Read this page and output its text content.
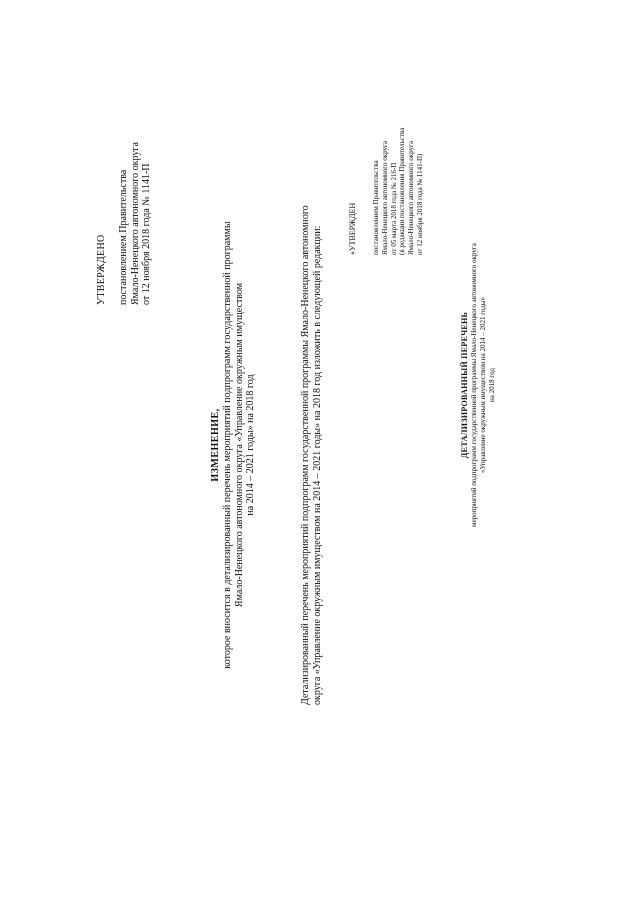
УТВЕРЖДЕНО постановлением Правительства Ямало-Ненецкого автономного округа от 12 ноября 2018 года № 1141-П
ИЗМЕНЕНИЕ, которое вносится в детализированный перечень мероприятий подпрограмм государственной программы Ямало-Ненецкого автономного округа «Управление окружным имуществом на 2014 – 2021 годы» на 2018 год	Детализированный перечень мероприятий подпрограмм государственной программы Ямало-Ненецкого автономного округа «Управление окружным имуществом на 2014 – 2021 годы» на 2018 год изложить в следующей редакции:	«УТВЕРЖДЕН постановлением Правительства Ямало-Ненецкого автономного округа от 05 марта 2018 года № 216-П (в редакции постановления Правительства Ямало-Ненецкого автономного округа от 12 ноября 2018 года № 1141-П)
ДЕТАЛИЗИРОВАННЫЙ ПЕРЕЧЕНЬ мероприятий подпрограмм государственной программы Ямало-Ненецкого автономного округа «Управление окружным имуществом на 2014 – 2021 годы» на 2018 год
